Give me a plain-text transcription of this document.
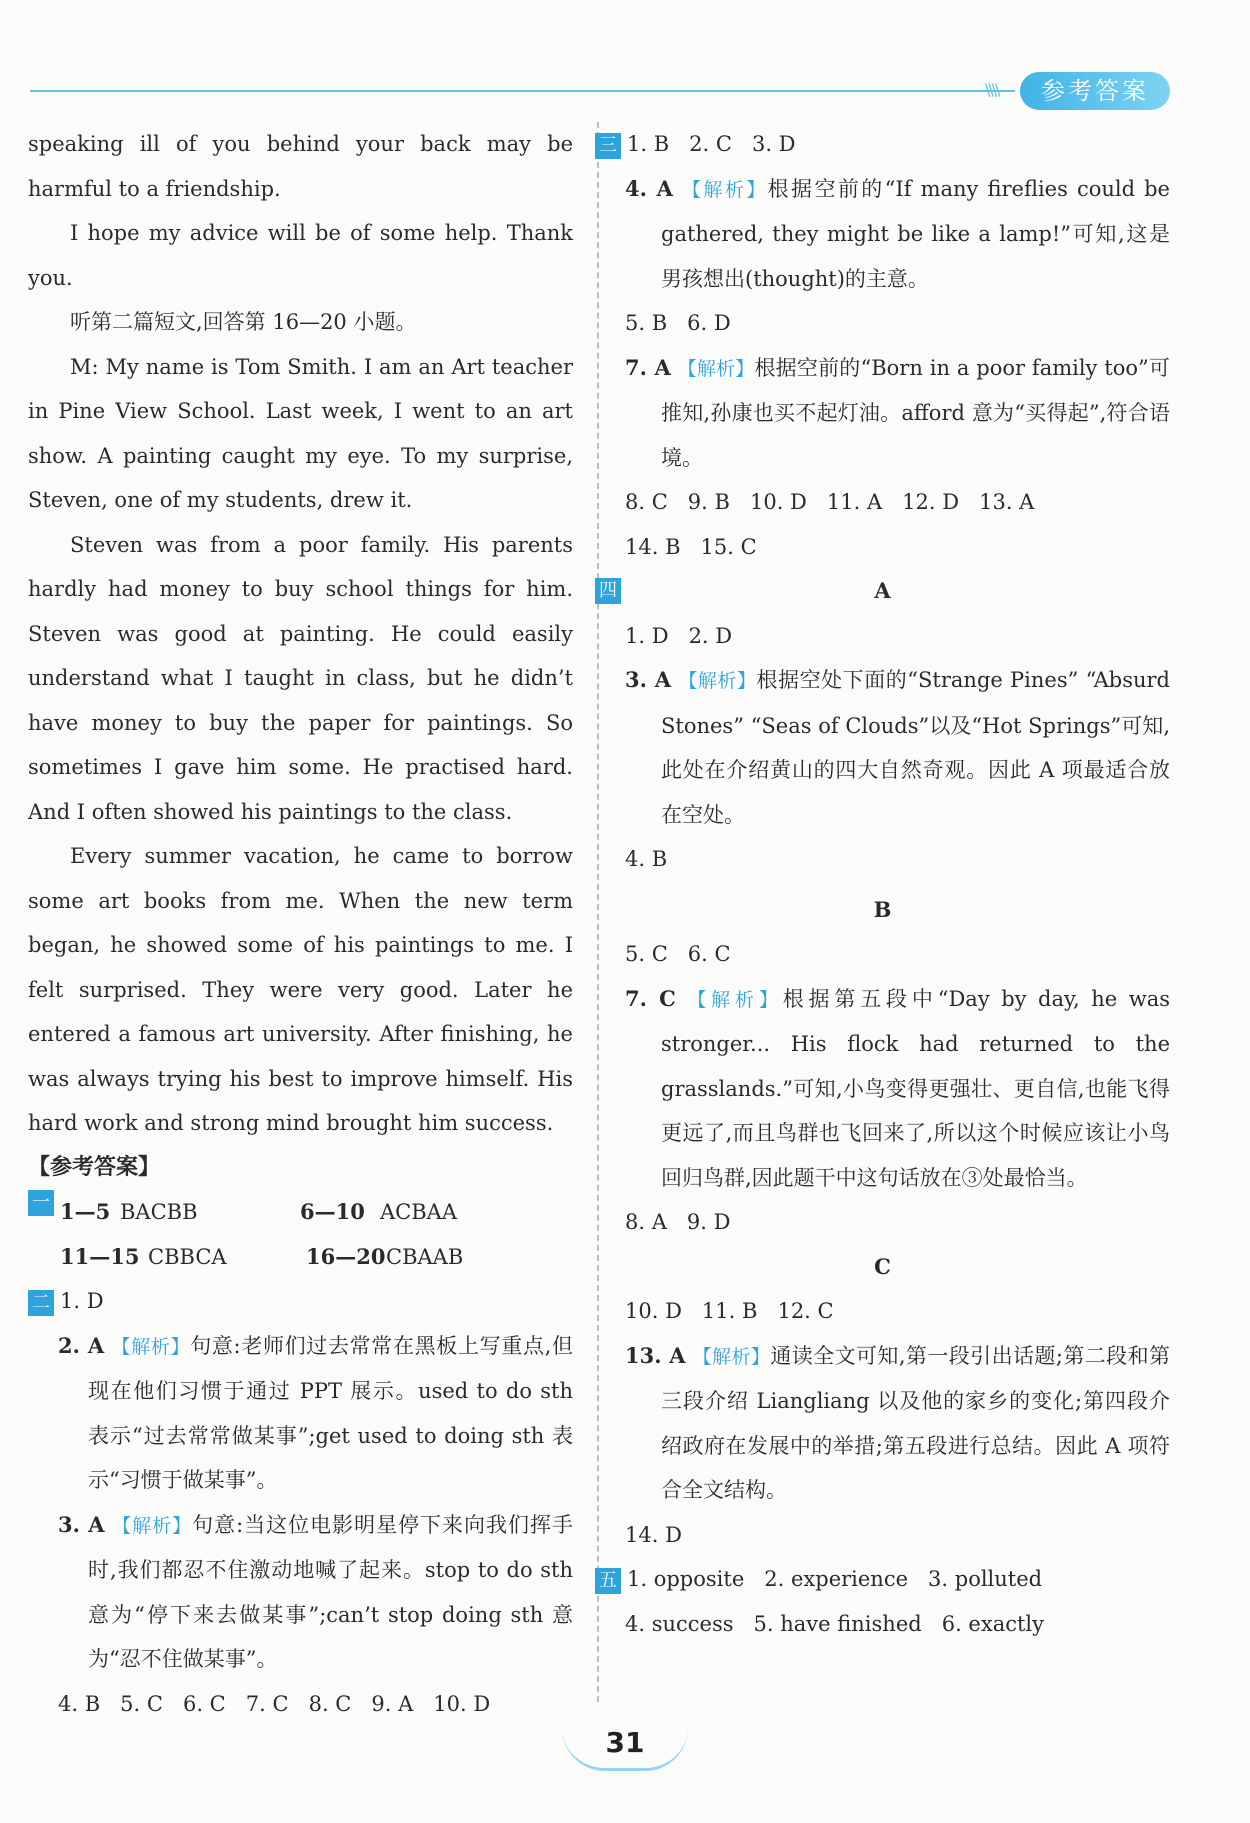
\\\\	参考答案

speaking ill of you behind your back may be harmful to a friendship.

I hope my advice will be of some help. Thank you.

听第二篇短文,回答第 16—20 小题。

M: My name is Tom Smith. I am an Art teacher in Pine View School. Last week, I went to an art show. A painting caught my eye. To my surprise, Steven, one of my students, drew it.

Steven was from a poor family. His parents hardly had money to buy school things for him. Steven was good at painting. He could easily understand what I taught in class, but he didn’t have money to buy the paper for paintings. So sometimes I gave him some. He practised hard. And I often showed his paintings to the class.

Every summer vacation, he came to borrow some art books from me. When the new term began, he showed some of his paintings to me. I felt surprised. They were very good. Later he entered a famous art university. After finishing, he was always trying his best to improve himself. His hard work and strong mind brought him success.

【参考答案】
一 1—5 BACBB	6—10 ACBAA
11—15 CBBCA	16—20 CBAAB
二 1. D

2. A 【解析】句意:老师们过去常常在黑板上写重点,但现在他们习惯于通过 PPT 展示。used to do sth 表示“过去常常做某事”;get used to doing sth 表示“习惯于做某事”。

3. A 【解析】句意:当这位电影明星停下来向我们挥手时,我们都忍不住激动地喊了起来。stop to do sth 意为“停下来去做某事”;can’t stop doing sth 意为“忍不住做某事”。

4. B   5. C   6. C   7. C   8. C   9. A   10. D

三 1. B   2. C   3. D

4. A 【解析】根据空前的“If many fireflies could be gathered, they might be like a lamp!”可知,这是男孩想出(thought)的主意。

5. B   6. D

7. A 【解析】根据空前的“Born in a poor family too”可推知,孙康也买不起灯油。afford 意为“买得起”,符合语境。

8. C   9. B   10. D   11. A   12. D   13. A

14. B   15. C

四	A

1. D   2. D

3. A 【解析】根据空处下面的“Strange Pines” “Absurd Stones” “Seas of Clouds”以及“Hot Springs”可知,此处在介绍黄山的四大自然奇观。因此 A 项最适合放在空处。

4. B

B

5. C   6. C

7. C 【解析】根据第五段中“Day by day, he was stronger... His flock had returned to the grasslands.”可知,小鸟变得更强壮、更自信,也能飞得更远了,而且鸟群也飞回来了,所以这个时候应该让小鸟回归鸟群,因此题干中这句话放在③处最恰当。

8. A   9. D

C

10. D   11. B   12. C

13. A 【解析】通读全文可知,第一段引出话题;第二段和第三段介绍 Liangliang 以及他的家乡的变化;第四段介绍政府在发展中的举措;第五段进行总结。因此 A 项符合全文结构。

14. D

五 1. opposite   2. experience   3. polluted

4. success   5. have finished   6. exactly

31
